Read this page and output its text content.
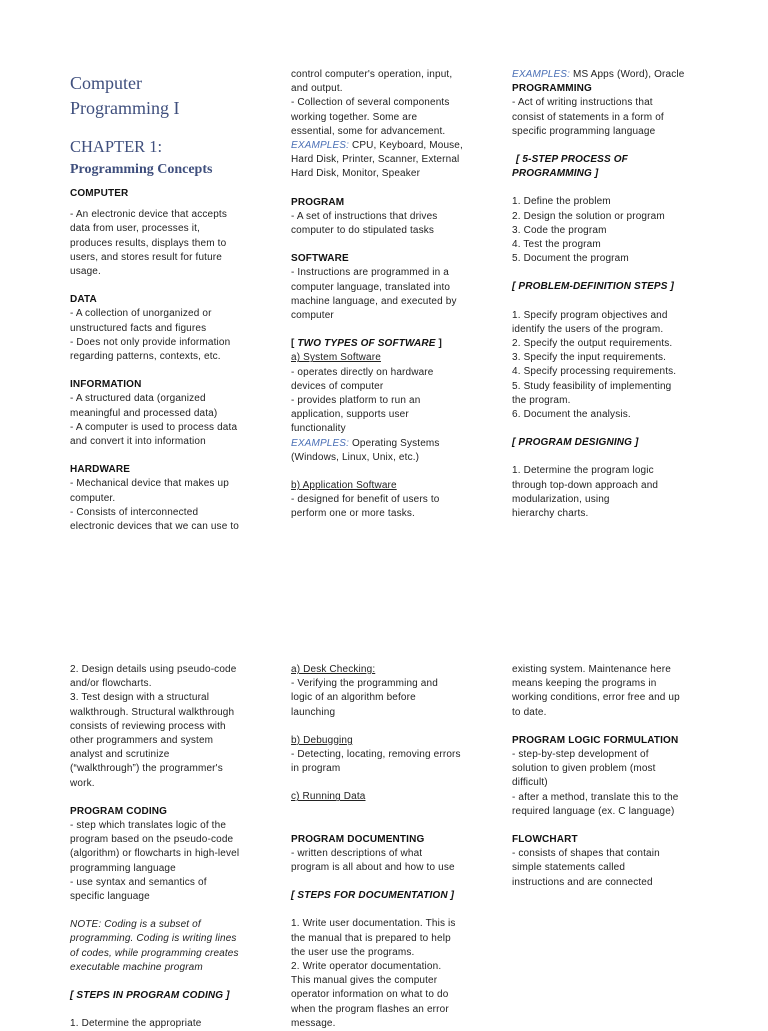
Computer
Programming I
CHAPTER 1:
Programming Concepts
COMPUTER
- An electronic device that accepts
data from user, processes it,
produces results, displays them to
users, and stores result for future
usage.
DATA
- A collection of unorganized or
unstructured facts and figures
- Does not only provide information
regarding patterns, contexts, etc.
INFORMATION
- A structured data (organized
meaningful and processed data)
- A computer is used to process data
and convert it into information
HARDWARE
- Mechanical device that makes up
computer.
- Consists of interconnected
electronic devices that we can use to
control computer's operation, input,
and output.
- Collection of several components
working together. Some are
essential, some for advancement.
EXAMPLES: CPU, Keyboard, Mouse,
Hard Disk, Printer, Scanner, External
Hard Disk, Monitor, Speaker
PROGRAM
- A set of instructions that drives
computer to do stipulated tasks
SOFTWARE
- Instructions are programmed in a
computer language, translated into
machine language, and executed by
computer
[ TWO TYPES OF SOFTWARE ]
a) System Software
- operates directly on hardware
devices of computer
- provides platform to run an
application, supports user
functionality
EXAMPLES: Operating Systems
(Windows, Linux, Unix, etc.)
b) Application Software
- designed for benefit of users to
perform one or more tasks.
EXAMPLES: MS Apps (Word), Oracle
PROGRAMMING
- Act of writing instructions that
consist of statements in a form of
specific programming language
[ 5-STEP PROCESS OF
PROGRAMMING ]
1. Define the problem
2. Design the solution or program
3. Code the program
4. Test the program
5. Document the program
[ PROBLEM-DEFINITION STEPS ]
1. Specify program objectives and
identify the users of the program.
2. Specify the output requirements.
3. Specify the input requirements.
4. Specify processing requirements.
5. Study feasibility of implementing
the program.
6. Document the analysis.
[ PROGRAM DESIGNING ]
1. Determine the program logic
through top-down approach and
modularization, using
hierarchy charts.
2. Design details using pseudo-code
and/or flowcharts.
3. Test design with a structural
walkthrough. Structural walkthrough
consists of reviewing process with
other programmers and system
analyst and scrutinize
(“walkthrough”) the programmer's
work.
PROGRAM CODING
- step which translates logic of the
program based on the pseudo-code
(algorithm) or flowcharts in high-level
programming language
- use syntax and semantics of
specific language
NOTE: Coding is a subset of
programming. Coding is writing lines
of codes, while programming creates
executable machine program
[ STEPS IN PROGRAM CODING ]
1. Determine the appropriate
a) Desk Checking:
- Verifying the programming and
logic of an algorithm before
launching
b) Debugging
- Detecting, locating, removing errors
in program
c) Running Data
PROGRAM DOCUMENTING
- written descriptions of what
program is all about and how to use
[ STEPS FOR DOCUMENTATION ]
1. Write user documentation. This is
the manual that is prepared to help
the user use the programs.
2. Write operator documentation.
This manual gives the computer
operator information on what to do
when the program flashes an error
message.
existing system. Maintenance here
means keeping the programs in
working conditions, error free and up
to date.
PROGRAM LOGIC FORMULATION
- step-by-step development of
solution to given problem (most
difficult)
- after a method, translate this to the
required language (ex. C language)
FLOWCHART
- consists of shapes that contain
simple statements called
instructions and are connected
